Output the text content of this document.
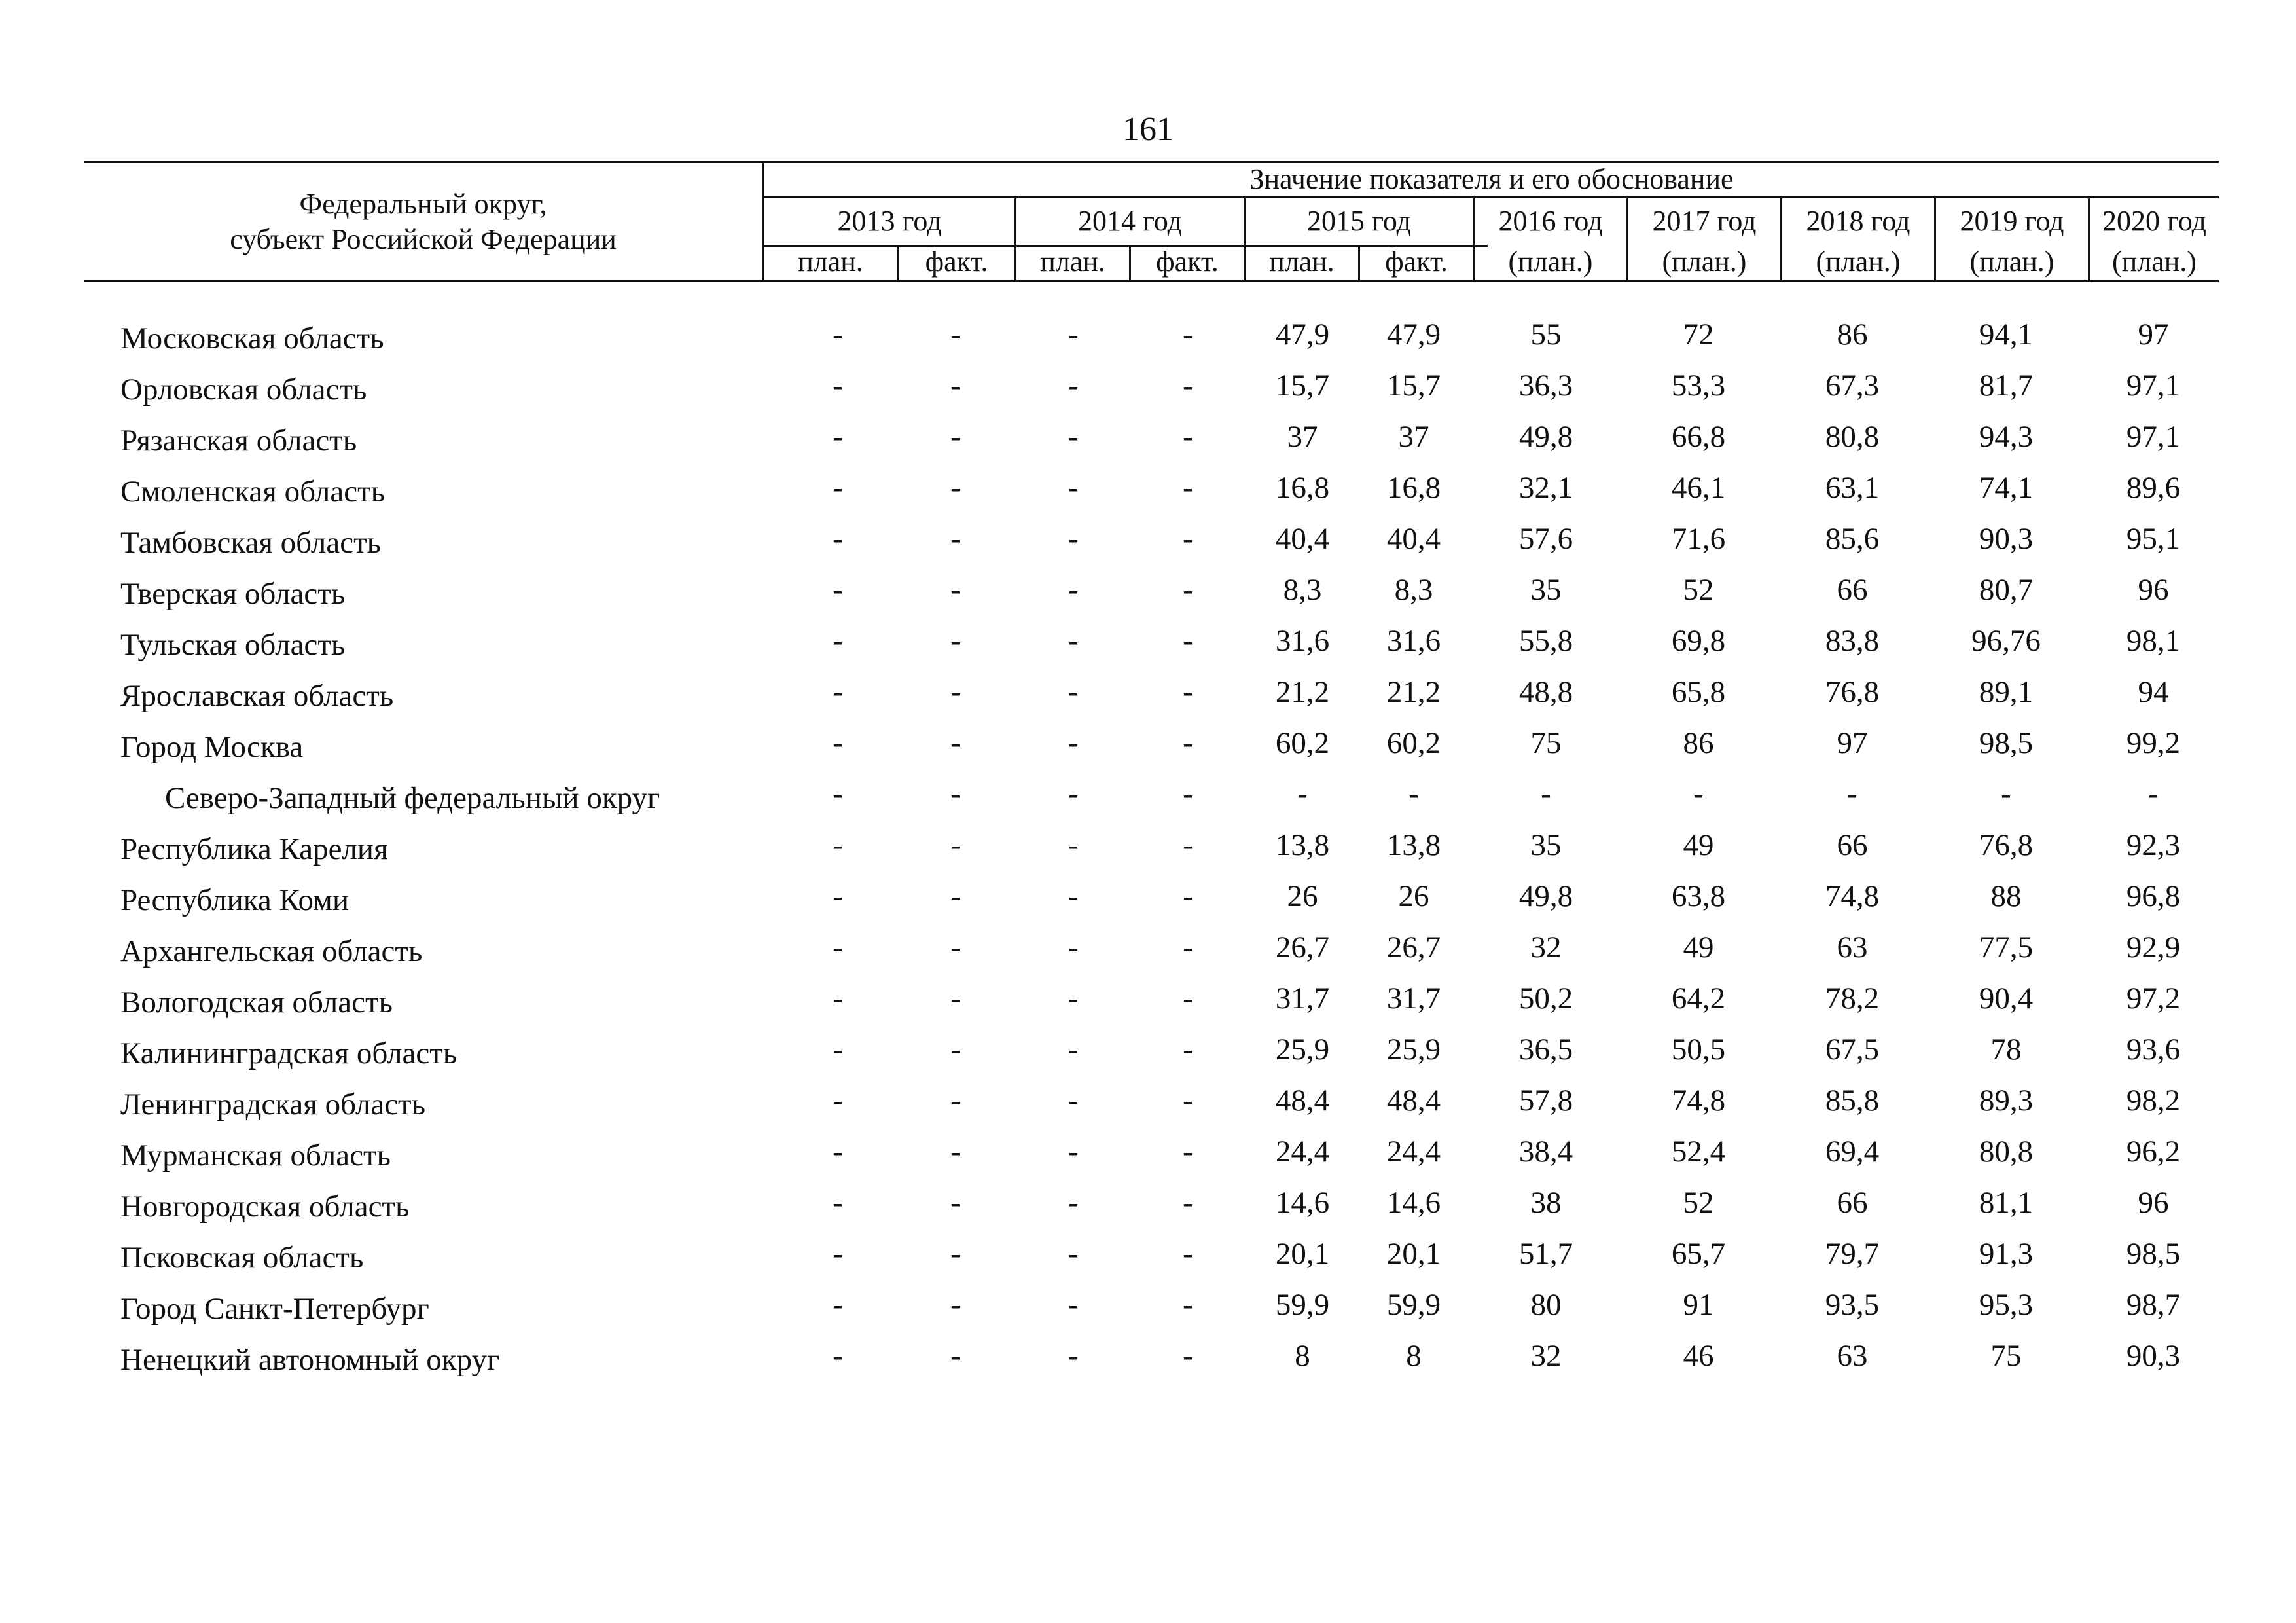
161
Федеральный округ,
субъект Российской Федерации
Значение показателя и его обоснование
2013 год	2014 год	2015 год	2016 год	2017 год	2018 год	2019 год	2020 год
план.	факт.	план.	факт.	план.	факт.	(план.)	(план.)	(план.)	(план.)	(план.)
Московская область	-	-	-	-	47,9	47,9	55	72	86	94,1	97
Орловская область	-	-	-	-	15,7	15,7	36,3	53,3	67,3	81,7	97,1
Рязанская область	-	-	-	-	37	37	49,8	66,8	80,8	94,3	97,1
Смоленская область	-	-	-	-	16,8	16,8	32,1	46,1	63,1	74,1	89,6
Тамбовская область	-	-	-	-	40,4	40,4	57,6	71,6	85,6	90,3	95,1
Тверская область	-	-	-	-	8,3	8,3	35	52	66	80,7	96
Тульская область	-	-	-	-	31,6	31,6	55,8	69,8	83,8	96,76	98,1
Ярославская область	-	-	-	-	21,2	21,2	48,8	65,8	76,8	89,1	94
Город Москва	-	-	-	-	60,2	60,2	75	86	97	98,5	99,2
Северо-Западный федеральный округ	-	-	-	-	-	-	-	-	-	-	-
Республика Карелия	-	-	-	-	13,8	13,8	35	49	66	76,8	92,3
Республика Коми	-	-	-	-	26	26	49,8	63,8	74,8	88	96,8
Архангельская область	-	-	-	-	26,7	26,7	32	49	63	77,5	92,9
Вологодская область	-	-	-	-	31,7	31,7	50,2	64,2	78,2	90,4	97,2
Калининградская область	-	-	-	-	25,9	25,9	36,5	50,5	67,5	78	93,6
Ленинградская область	-	-	-	-	48,4	48,4	57,8	74,8	85,8	89,3	98,2
Мурманская область	-	-	-	-	24,4	24,4	38,4	52,4	69,4	80,8	96,2
Новгородская область	-	-	-	-	14,6	14,6	38	52	66	81,1	96
Псковская область	-	-	-	-	20,1	20,1	51,7	65,7	79,7	91,3	98,5
Город Санкт-Петербург	-	-	-	-	59,9	59,9	80	91	93,5	95,3	98,7
Ненецкий автономный округ	-	-	-	-	8	8	32	46	63	75	90,3
